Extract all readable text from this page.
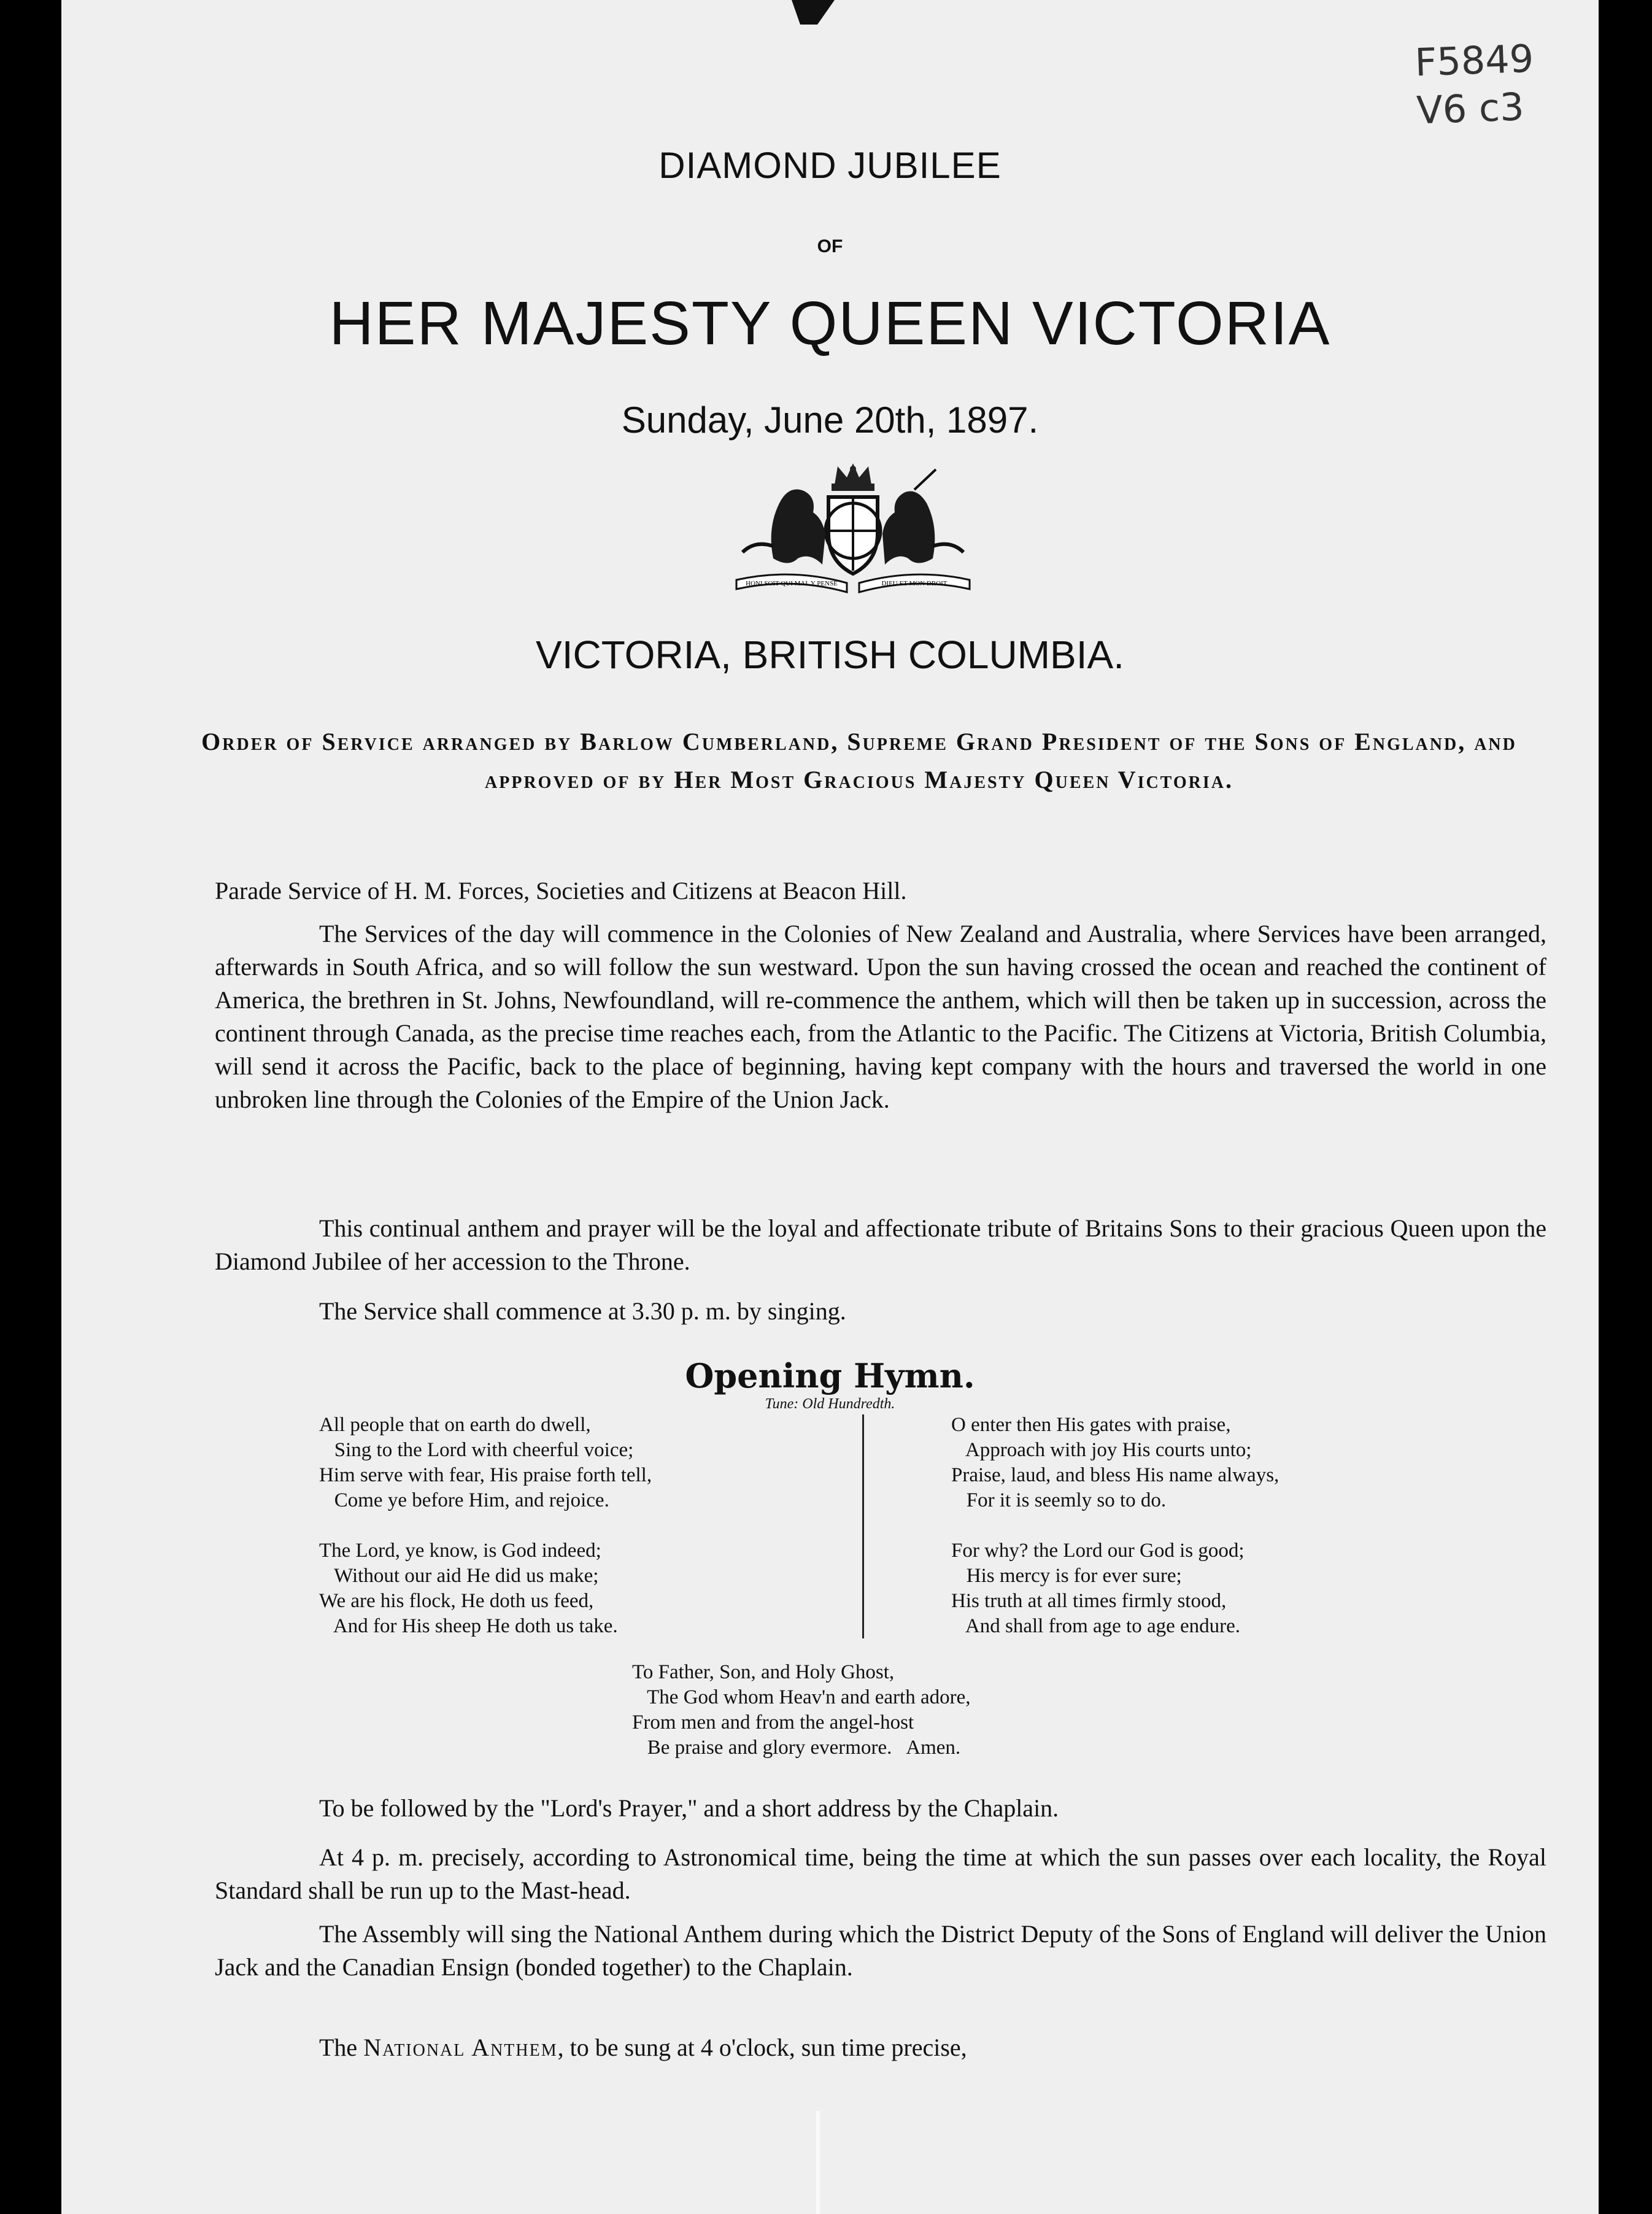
F5849
V6 c3
DIAMOND JUBILEE
OF
HER MAJESTY QUEEN VICTORIA
Sunday, June 20th, 1897.
HONI SOIT QUI MAL Y PENSE	DIEU ET MON DROIT
VICTORIA, BRITISH COLUMBIA.
Order of Service arranged by Barlow Cumberland, Supreme Grand President of the Sons of England, and approved of by Her Most Gracious Majesty Queen Victoria.

Parade Service of H. M. Forces, Societies and Citizens at Beacon Hill.

The Services of the day will commence in the Colonies of New Zealand and Australia, where Services have been arranged, afterwards in South Africa, and so will follow the sun westward. Upon the sun having crossed the ocean and reached the continent of America, the brethren in St. Johns, Newfoundland, will re-commence the anthem, which will then be taken up in succession, across the continent through Canada, as the precise time reaches each, from the Atlantic to the Pacific. The Citizens at Victoria, British Columbia, will send it across the Pacific, back to the place of beginning, having kept company with the hours and traversed the world in one unbroken line through the Colonies of the Empire of the Union Jack.
This continual anthem and prayer will be the loyal and affectionate tribute of Britains Sons to their gracious Queen upon the Diamond Jubilee of her accession to the Throne.
The Service shall commence at 3.30 p. m. by singing.
Opening Hymn.
Tune: Old Hundredth.
All people that on earth do dwell,
Sing to the Lord with cheerful voice;
Him serve with fear, His praise forth tell,
Come ye before Him, and rejoice.

The Lord, ye know, is God indeed;
Without our aid He did us make;
We are his flock, He doth us feed,
And for His sheep He doth us take.
O enter then His gates with praise,
Approach with joy His courts unto;
Praise, laud, and bless His name always,
For it is seemly so to do.

For why? the Lord our God is good;
His mercy is for ever sure;
His truth at all times firmly stood,
And shall from age to age endure.
To Father, Son, and Holy Ghost,
The God whom Heav'n and earth adore,
From men and from the angel-host
Be praise and glory evermore.   Amen.
To be followed by the "Lord's Prayer," and a short address by the Chaplain.
At 4 p. m. precisely, according to Astronomical time, being the time at which the sun passes over each locality, the Royal Standard shall be run up to the Mast-head.
The Assembly will sing the National Anthem during which the District Deputy of the Sons of England will deliver the Union Jack and the Canadian Ensign (bonded together) to the Chaplain.
The National Anthem, to be sung at 4 o'clock, sun time precise,
